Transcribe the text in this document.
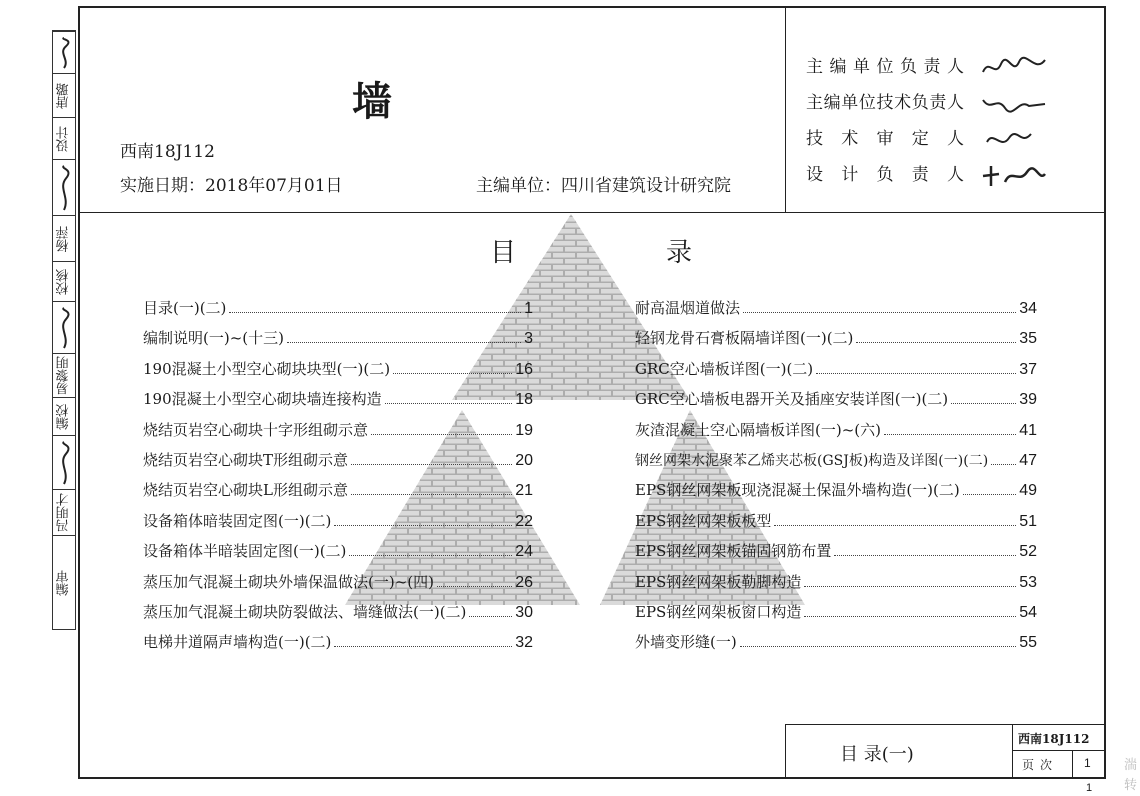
唐璐
设计
杨萍
校核
易黎明
编校
冯明才
编审
墙
西南18J112
实施日期：2018年07月01日	主编单位：四川省建筑设计研究院
主编单位负责人
主编单位技术负责人
技术审定人
设计负责人
目	录
目录(一)(二)	1
编制说明(一)~(十三)	3
190混凝土小型空心砌块块型(一)(二)	16
190混凝土小型空心砌块墙连接构造	18
烧结页岩空心砌块十字形组砌示意	19
烧结页岩空心砌块T形组砌示意	20
烧结页岩空心砌块L形组砌示意	21
设备箱体暗装固定图(一)(二)	22
设备箱体半暗装固定图(一)(二)	24
蒸压加气混凝土砌块外墙保温做法(一)~(四)	26
蒸压加气混凝土砌块防裂做法、墙缝做法(一)(二)	30
电梯井道隔声墙构造(一)(二)	32
耐高温烟道做法	34
轻钢龙骨石膏板隔墙详图(一)(二)	35
GRC空心墙板详图(一)(二)	37
GRC空心墙板电器开关及插座安装详图(一)(二)	39
灰渣混凝土空心隔墙板详图(一)~(六)	41
钢丝网架水泥聚苯乙烯夹芯板(GSJ板)构造及详图(一)(二) 47
EPS钢丝网架板现浇混凝土保温外墙构造(一)(二)	49
EPS钢丝网架板板型	51
EPS钢丝网架板锚固钢筋布置	52
EPS钢丝网架板勒脚构造	53
EPS钢丝网架板窗口构造	54
外墙变形缝(一)	55
目 录(一)
西南18J112
页次 1
1
湍
转
